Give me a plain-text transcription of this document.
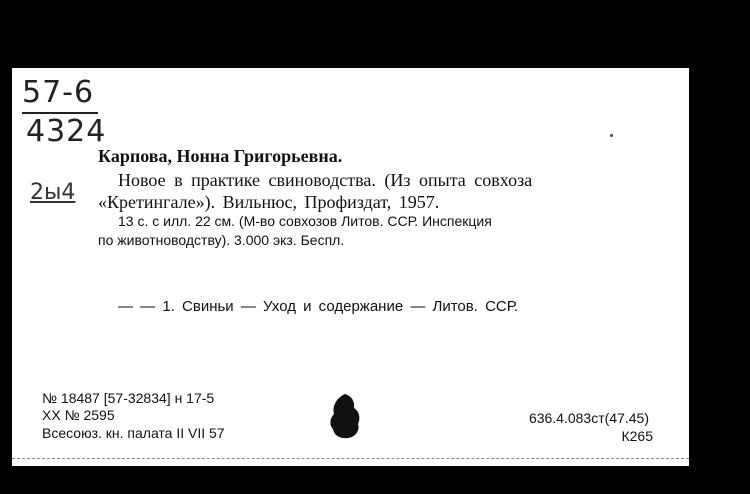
57-6
4324
2ы4
Карпова, Нонна Григорьевна.
Новое в практике свиноводства. (Из опыта совхоза
«Кретингале»). Вильнюс, Профиздат, 1957.
13 с. с илл. 22 см. (М-во совхозов Литов. ССР. Инспекция
по животноводству). 3.000 экз. Беспл.
— — 1. Свиньи — Уход и содержание — Литов. ССР.
№ 18487 [57-32834] н 17-5
XX № 2595
Всесоюз. кн. палата II VII 57
636.4.083ст(47.45)
К265
